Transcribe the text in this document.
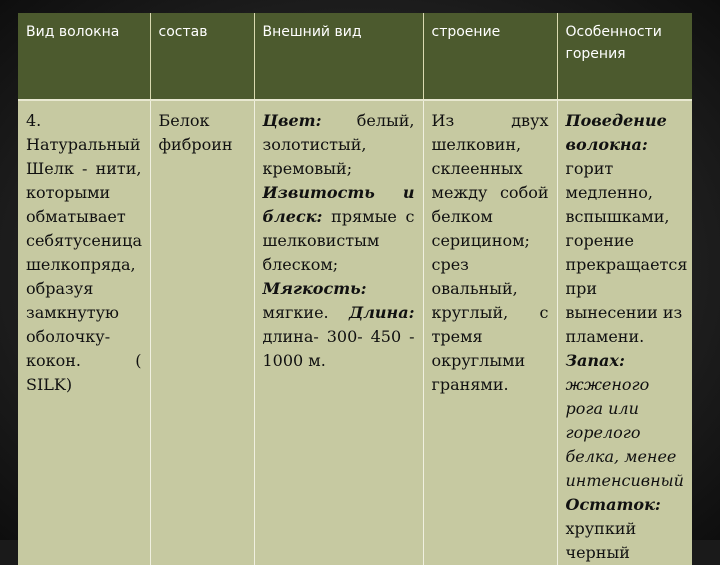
Вид волокна	состав	Внешний вид	строение	Особенности горения
4. Натуральный Шелк - нити, которыми обматывает себятусеница шелкопряда, образуя замкнутую оболочку-кокон. ( SILK)	Белок фиброин	Цвет: белый, золотистый, кремовый; Извитость и блеск: прямые с шелковистым блеском; Мягкость: мягкие. Длина: длина- 300- 450 - 1000 м.	Из двух шелковин, склеенных между собой белком серицином; срез овальный, круглый, с тремя округлыми гранями.	Поведение волокна: горит медленно, вспышками, горение прекращается при вынесении из пламени. Запах: жженого рога или горелого белка, менее интенсивный Остаток: хрупкий черный
